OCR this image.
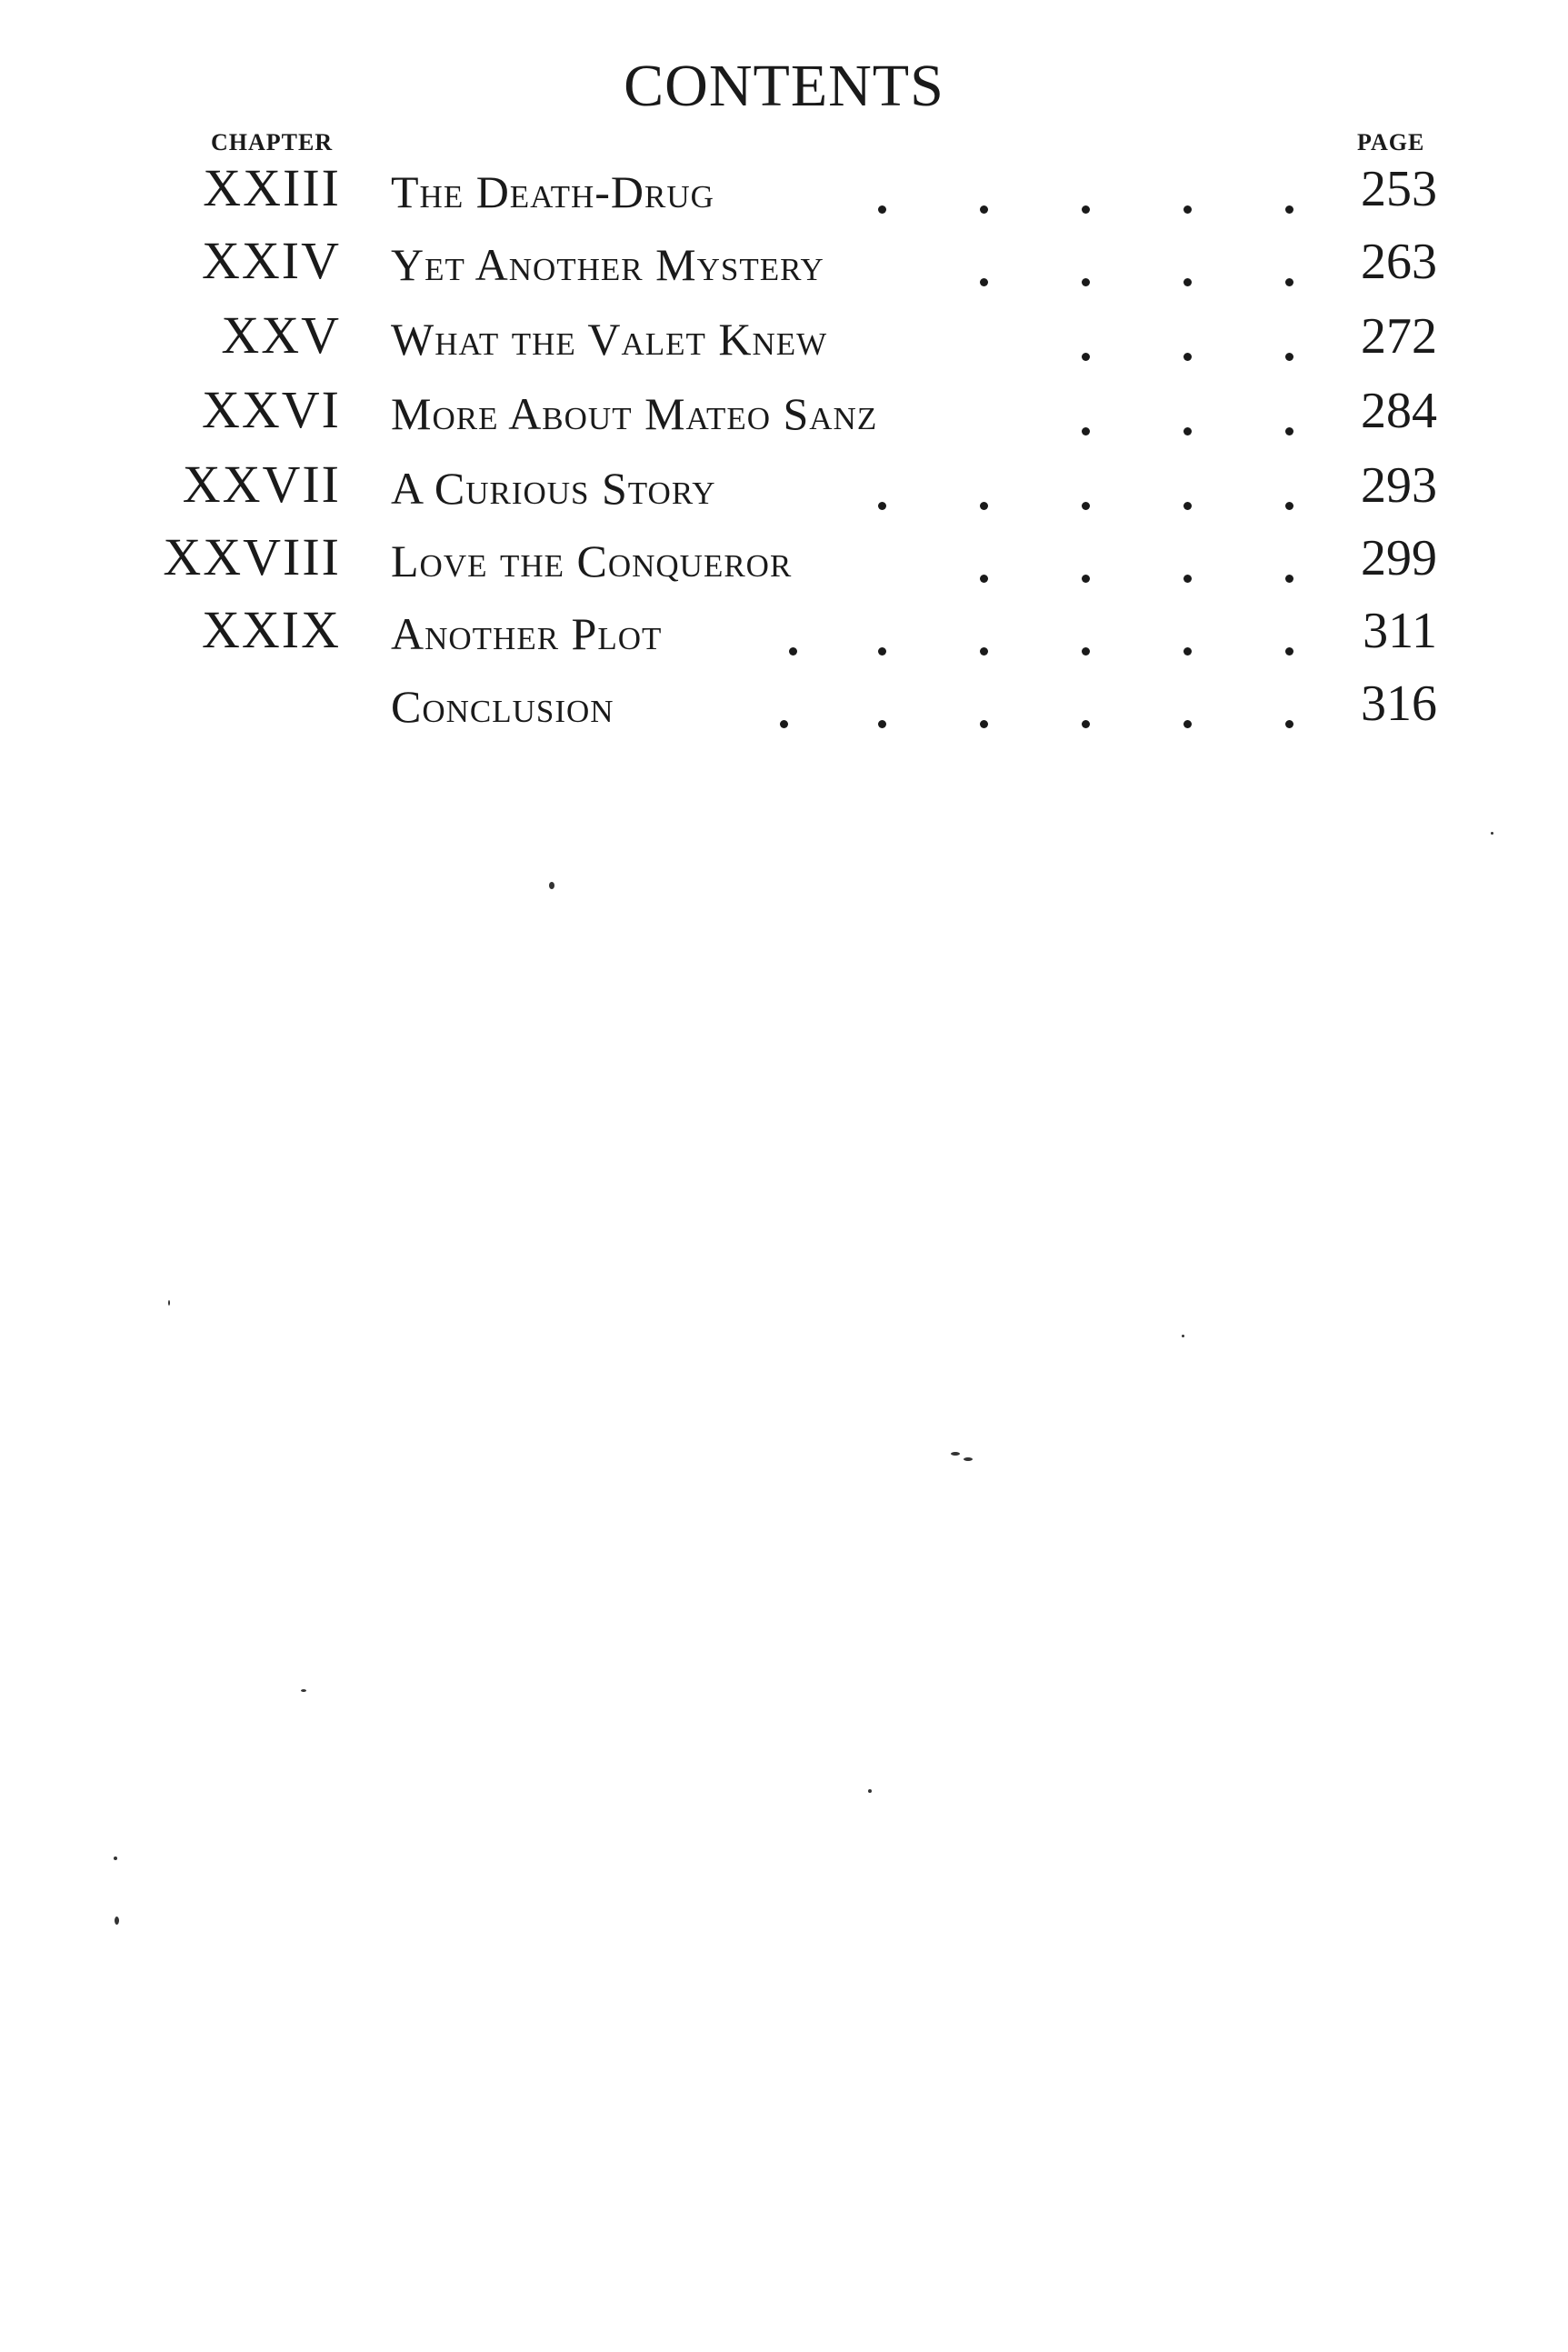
CONTENTS
CHAPTER	PAGE
XXIII The Death-Drug	253
XXIV Yet Another Mystery	263
XXV What the Valet Knew	272
XXVI More About Mateo Sanz	284
XXVII A Curious Story	293
XXVIII Love the Conqueror	299
XXIX Another Plot	311
Conclusion	316
